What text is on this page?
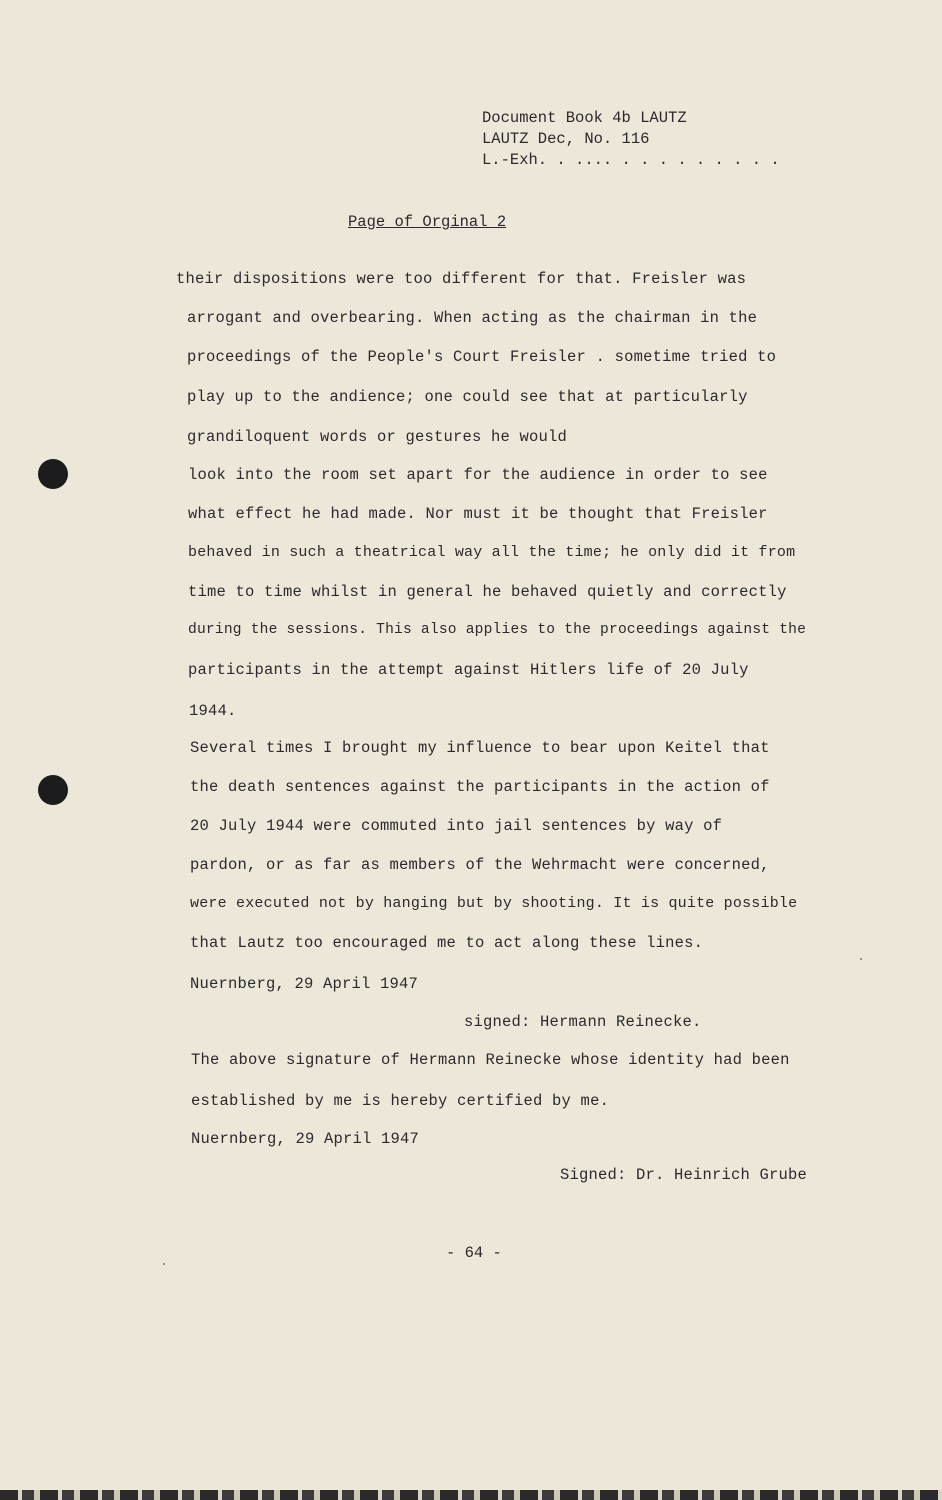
Document Book 4b LAUTZ
LAUTZ Dec, No. 116
L.-Exh. . .... . . . . . . . . .
Page of Orginal 2
their dispositions were too different for that. Freisler was
arrogant and overbearing. When acting as the chairman in the
proceedings of the People's Court Freisler . sometime tried to
play up to the andience; one could see that at particularly
grandiloquent words or gestures he would
look into the room set apart for the audience in order to see
what effect he had made. Nor must it be thought that Freisler
behaved in such a theatrical way all the time; he only did it from
time to time whilst in general he behaved quietly and correctly
during the sessions. This also applies to the proceedings against the
participants in the attempt against Hitlers life of 20 July
1944.
Several times I brought my influence to bear upon Keitel that
the death sentences against the participants in the action of
20 July 1944 were commuted into jail sentences by way of
pardon, or as far as members of the Wehrmacht were concerned,
were executed not by hanging but by shooting. It is quite possible
that Lautz too encouraged me to act along these lines.
Nuernberg, 29 April 1947
signed: Hermann Reinecke.
The above signature of Hermann Reinecke whose identity had been
established by me is hereby certified by me.
Nuernberg, 29 April 1947
Signed: Dr. Heinrich Grube
- 64 -
